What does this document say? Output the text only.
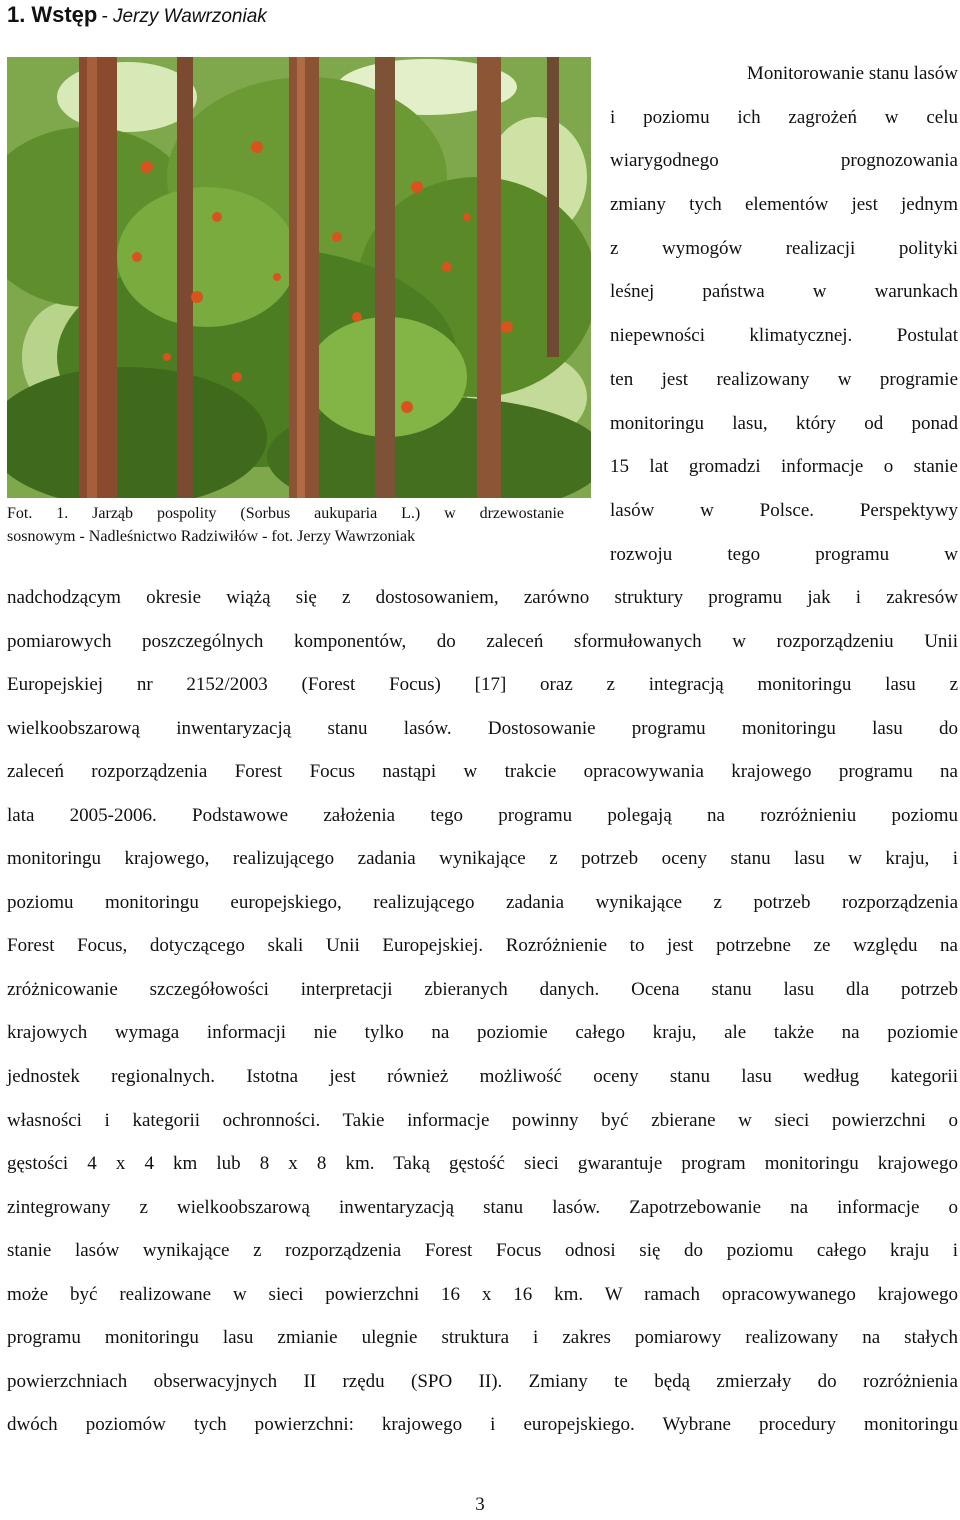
1. Wstęp - Jerzy Wawrzoniak
Fot. 1. Jarząb pospolity (Sorbus aukuparia L.) w drzewostanie
sosnowym - Nadleśnictwo Radziwiłów - fot. Jerzy Wawrzoniak
Monitorowanie stanu lasów
i poziomu ich zagrożeń w celu
wiarygodnego prognozowania
zmiany tych elementów jest jednym
z wymogów realizacji polityki
leśnej państwa w warunkach
niepewności klimatycznej. Postulat
ten jest realizowany w programie
monitoringu lasu, który od ponad
15 lat gromadzi informacje o stanie
lasów w Polsce. Perspektywy
rozwoju tego programu w
nadchodzącym okresie wiążą się z dostosowaniem, zarówno struktury programu jak i zakresów
pomiarowych poszczególnych komponentów, do zaleceń sformułowanych w rozporządzeniu Unii
Europejskiej nr 2152/2003 (Forest Focus) [17] oraz z integracją monitoringu lasu z
wielkoobszarową inwentaryzacją stanu lasów. Dostosowanie programu monitoringu lasu do
zaleceń rozporządzenia Forest Focus nastąpi w trakcie opracowywania krajowego programu na
lata 2005-2006. Podstawowe założenia tego programu polegają na rozróżnieniu poziomu
monitoringu krajowego, realizującego zadania wynikające z potrzeb oceny stanu lasu w kraju, i
poziomu monitoringu europejskiego, realizującego zadania wynikające z potrzeb rozporządzenia
Forest Focus, dotyczącego skali Unii Europejskiej. Rozróżnienie to jest potrzebne ze względu na
zróżnicowanie szczegółowości interpretacji zbieranych danych. Ocena stanu lasu dla potrzeb
krajowych wymaga informacji nie tylko na poziomie całego kraju, ale także na poziomie
jednostek regionalnych. Istotna jest również możliwość oceny stanu lasu według kategorii
własności i kategorii ochronności. Takie informacje powinny być zbierane w sieci powierzchni o
gęstości 4 x 4 km lub 8 x 8 km. Taką gęstość sieci gwarantuje program monitoringu krajowego
zintegrowany z wielkoobszarową inwentaryzacją stanu lasów. Zapotrzebowanie na informacje o
stanie lasów wynikające z rozporządzenia Forest Focus odnosi się do poziomu całego kraju i
może być realizowane w sieci powierzchni 16 x 16 km. W ramach opracowywanego krajowego
programu monitoringu lasu zmianie ulegnie struktura i zakres pomiarowy realizowany na stałych
powierzchniach obserwacyjnych II rzędu (SPO II). Zmiany te będą zmierzały do rozróżnienia
dwóch poziomów tych powierzchni: krajowego i europejskiego. Wybrane procedury monitoringu
3
